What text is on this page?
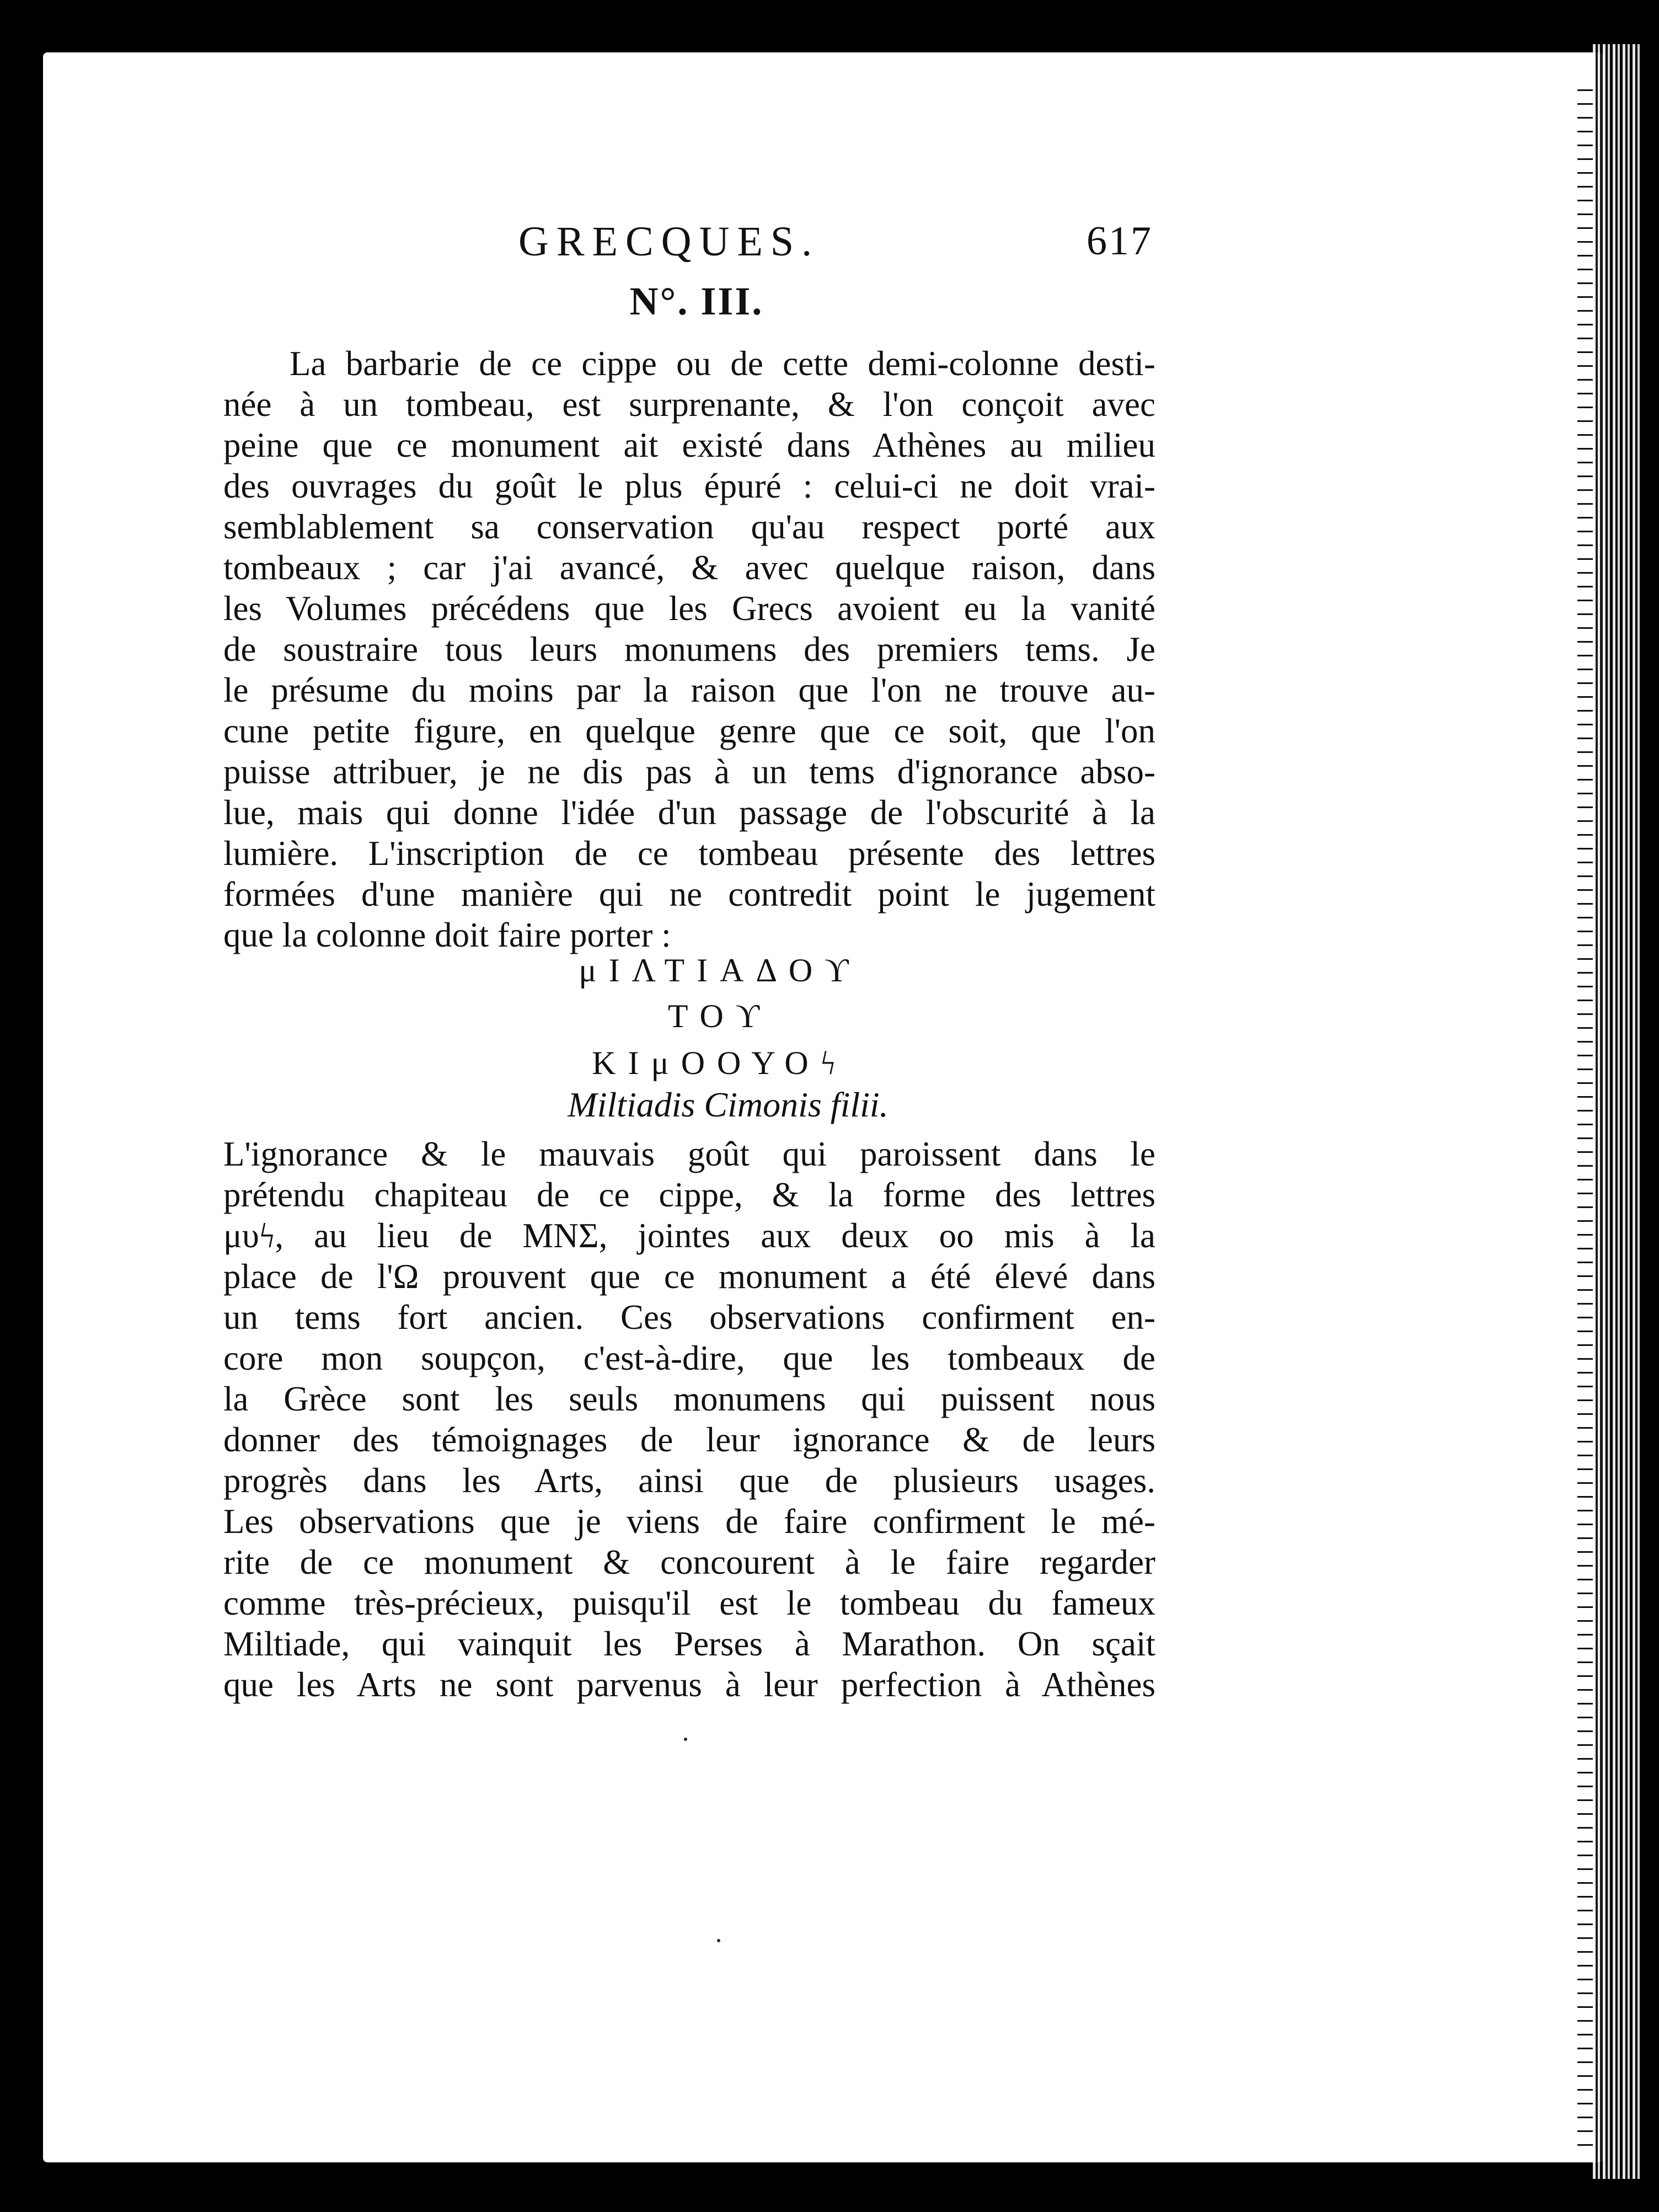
GRECQUES.	617
N°. III.
La barbarie de ce cippe ou de cette demi-colonne desti-
née à un tombeau, est surprenante, & l'on conçoit avec
peine que ce monument ait existé dans Athènes au milieu
des ouvrages du goût le plus épuré : celui-ci ne doit vrai-
semblablement sa conservation qu'au respect porté aux
tombeaux ; car j'ai avancé, & avec quelque raison, dans
les Volumes précédens que les Grecs avoient eu la vanité
de soustraire tous leurs monumens des premiers tems. Je
le présume du moins par la raison que l'on ne trouve au-
cune petite figure, en quelque genre que ce soit, que l'on
puisse attribuer, je ne dis pas à un tems d'ignorance abso-
lue, mais qui donne l'idée d'un passage de l'obscurité à la
lumière. L'inscription de ce tombeau présente des lettres
formées d'une manière qui ne contredit point le jugement
que la colonne doit faire porter :
μΙΛΤΙΑΔΟϒ
ΤΟϒ
ΚΙμΟΟΥΟϟ
Miltiadis Cimonis filii.
L'ignorance & le mauvais goût qui paroissent dans le
prétendu chapiteau de ce cippe, & la forme des lettres
μυϟ, au lieu de ΜΝΣ, jointes aux deux οο mis à la
place de l'Ω prouvent que ce monument a été élevé dans
un tems fort ancien. Ces observations confirment en-
core mon soupçon, c'est-à-dire, que les tombeaux de
la Grèce sont les seuls monumens qui puissent nous
donner des témoignages de leur ignorance & de leurs
progrès dans les Arts, ainsi que de plusieurs usages.
Les observations que je viens de faire confirment le mé-
rite de ce monument & concourent à le faire regarder
comme très-précieux, puisqu'il est le tombeau du fameux
Miltiade, qui vainquit les Perses à Marathon. On sçait
que les Arts ne sont parvenus à leur perfection à Athènes
